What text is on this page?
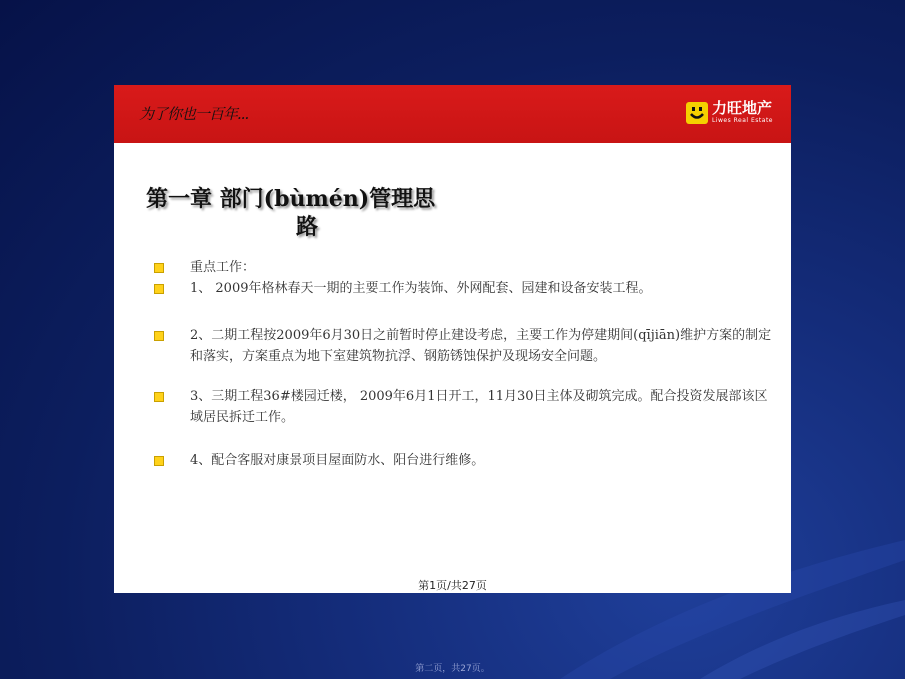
为了你也一百年...	力旺地产
Liwes Real Estate
第一章 部门(bùmén)管理思
路
重点工作：
1、 2009年格林春天一期的主要工作为装饰、外网配套、园建和设备安装工程。
2、二期工程按2009年6月30日之前暂时停止建设考虑，主要工作为停建期间(qījiān)维护方案的制定和落实，方案重点为地下室建筑物抗浮、钢筋锈蚀保护及现场安全问题。
3、三期工程36#楼园迁楼， 2009年6月1日开工，11月30日主体及砌筑完成。配合投资发展部该区域居民拆迁工作。
4、配合客服对康景项目屋面防水、阳台进行维修。
第1页/共27页
第二页，共27页。
